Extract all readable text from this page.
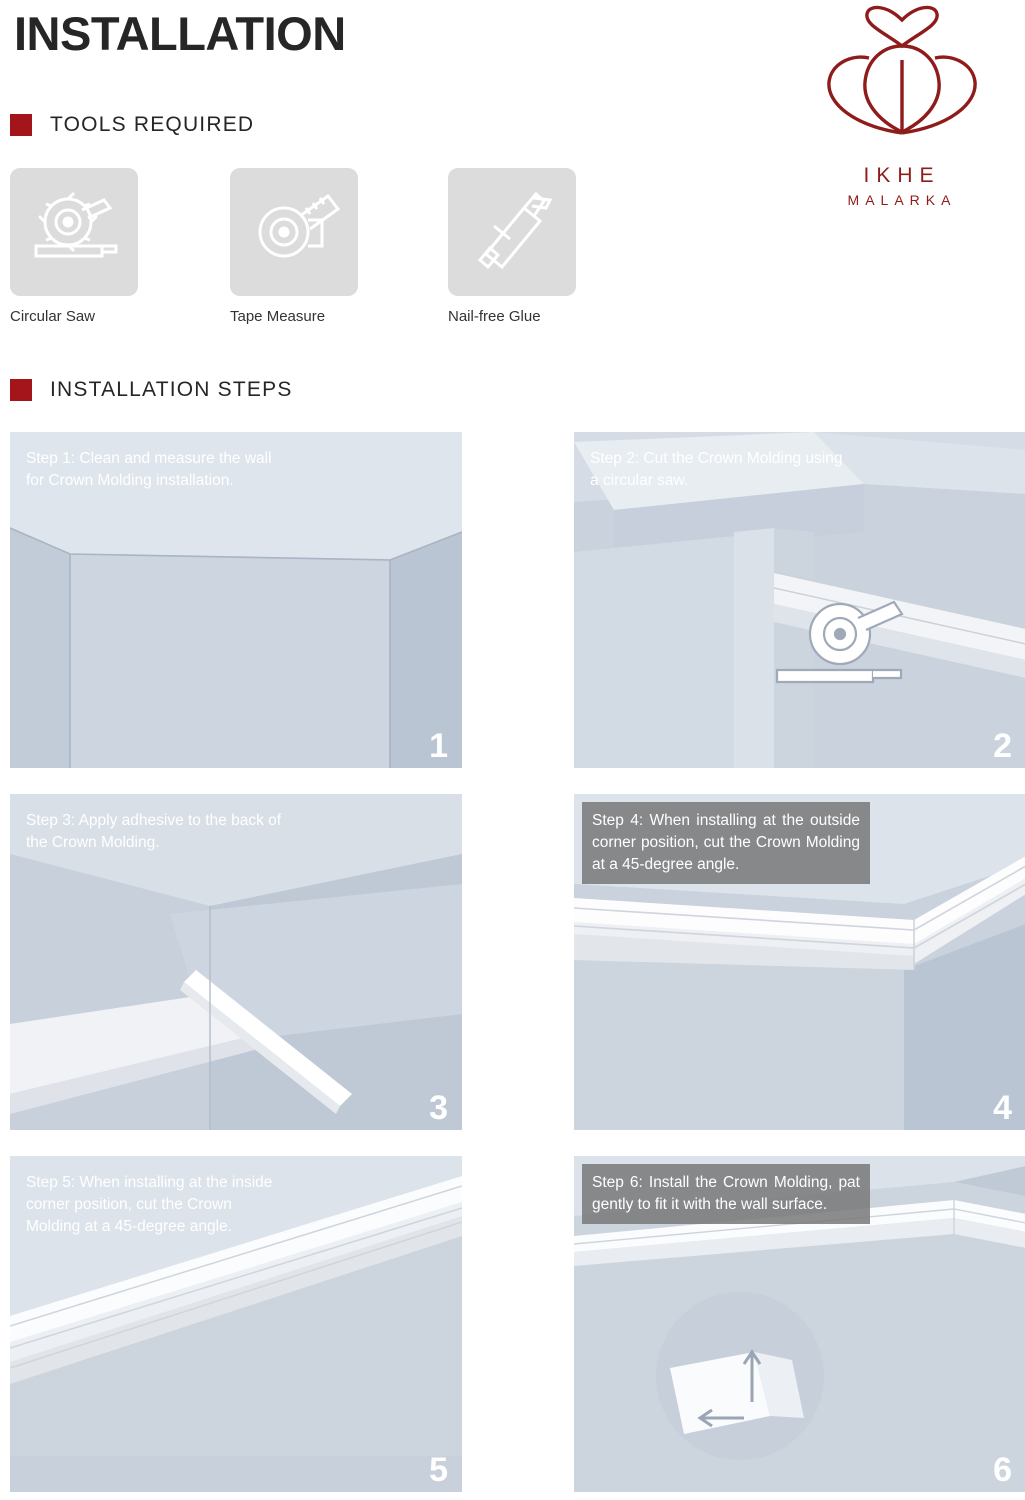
INSTALLATION
IKHE
MALARKA
TOOLS REQUIRED
Circular Saw	Tape Measure	Nail-free Glue
INSTALLATION STEPS
Step 1: Clean and measure the wall for Crown Molding installation.
1
Step 2: Cut the Crown Molding using a circular saw.
2
Step 3: Apply adhesive to the back of the Crown Molding.
3
Step 4: When installing at the outside corner position, cut the Crown Molding at a 45-degree angle.
4
Step 5: When installing at the inside corner position, cut the Crown Molding at a 45-degree angle.
5
Step 6: Install the Crown Molding, pat gently to fit it with the wall surface.
6
